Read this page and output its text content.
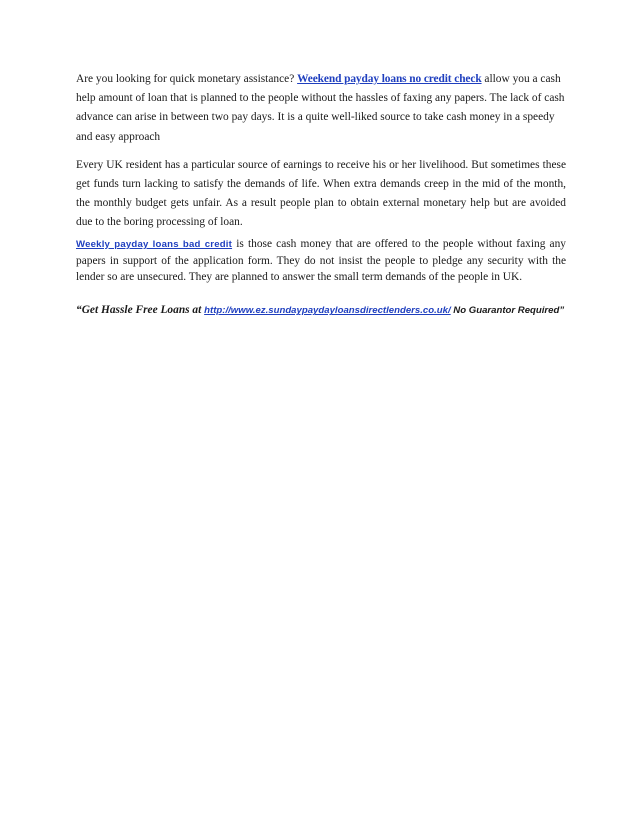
Are you looking for quick monetary assistance? Weekend payday loans no credit check allow you a cash help amount of loan that is planned to the people without the hassles of faxing any papers. The lack of cash advance can arise in between two pay days. It is a quite well-liked source to take cash money in a speedy and easy approach

Every UK resident has a particular source of earnings to receive his or her livelihood. But sometimes these get funds turn lacking to satisfy the demands of life. When extra demands creep in the mid of the month, the monthly budget gets unfair. As a result people plan to obtain external monetary help but are avoided due to the boring processing of loan.

Weekly payday loans bad credit is those cash money that are offered to the people without faxing any papers in support of the application form. They do not insist the people to pledge any security with the lender so are unsecured. They are planned to answer the small term demands of the people in UK.

“Get Hassle Free Loans at http://www.ez.sundaypaydayloansdirectlenders.co.uk/ No Guarantor Required”
